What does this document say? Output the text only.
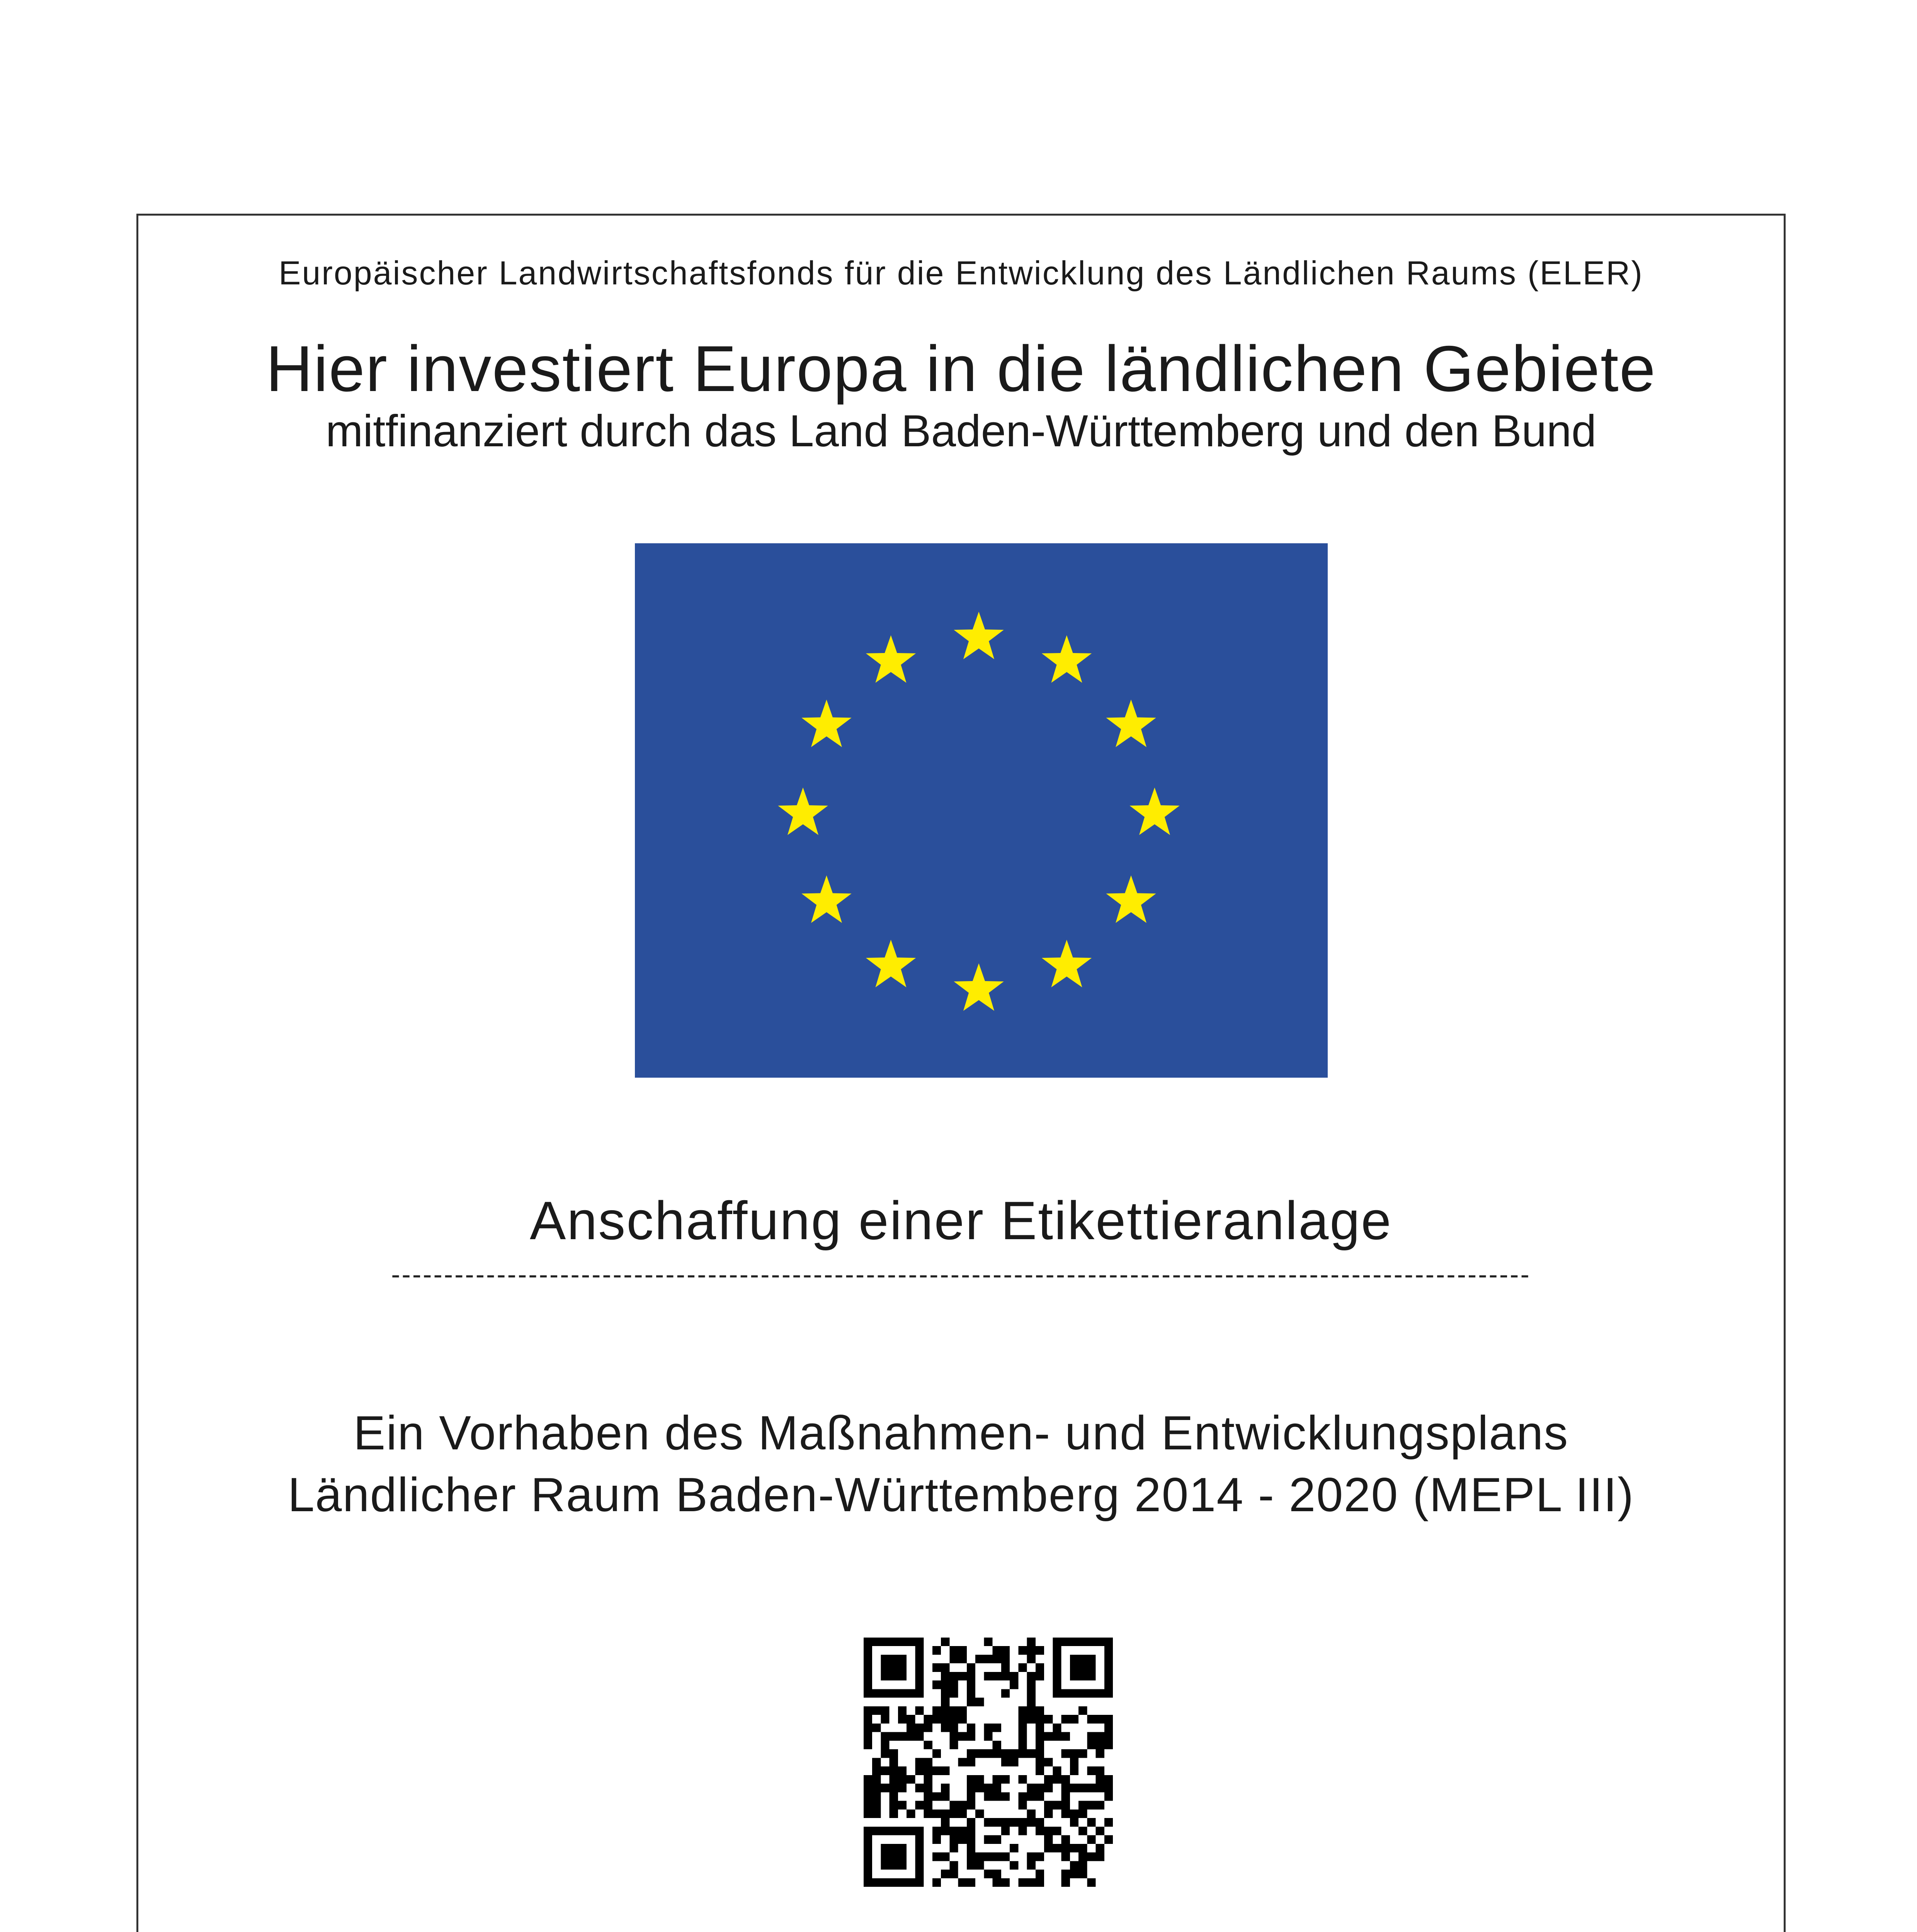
Europäischer Landwirtschaftsfonds für die Entwicklung des Ländlichen Raums (ELER)
Hier investiert Europa in die ländlichen Gebiete
mitfinanziert durch das Land Baden-Württemberg und den Bund
Anschaffung einer Etikettieranlage
------------------------------------------------------------------------------------------------------------
Ein Vorhaben des Maßnahmen- und Entwicklungsplans
Ländlicher Raum Baden-Württemberg 2014 - 2020 (MEPL III)
